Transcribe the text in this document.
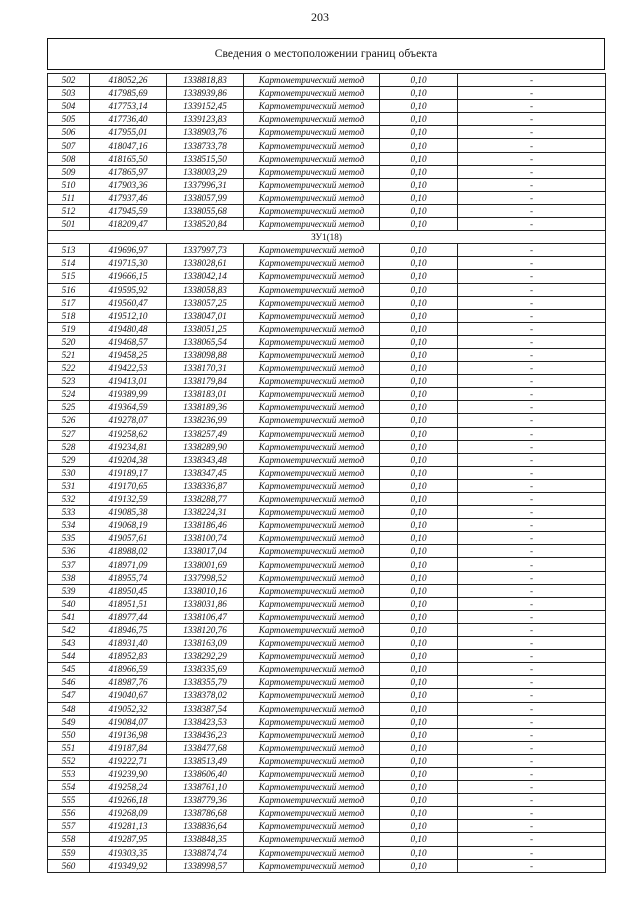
203
Сведения о местоположении границ объекта
502	418052,26	1338818,83	Картометрический метод	0,10	-
503	417985,69	1338939,86	Картометрический метод	0,10	-
504	417753,14	1339152,45	Картометрический метод	0,10	-
505	417736,40	1339123,83	Картометрический метод	0,10	-
506	417955,01	1338903,76	Картометрический метод	0,10	-
507	418047,16	1338733,78	Картометрический метод	0,10	-
508	418165,50	1338515,50	Картометрический метод	0,10	-
509	417865,97	1338003,29	Картометрический метод	0,10	-
510	417903,36	1337996,31	Картометрический метод	0,10	-
511	417937,46	1338057,99	Картометрический метод	0,10	-
512	417945,59	1338055,68	Картометрический метод	0,10	-
501	418209,47	1338520,84	Картометрический метод	0,10	-
ЗУ1(18)					
513	419696,97	1337997,73	Картометрический метод	0,10	-
514	419715,30	1338028,61	Картометрический метод	0,10	-
515	419666,15	1338042,14	Картометрический метод	0,10	-
516	419595,92	1338058,83	Картометрический метод	0,10	-
517	419560,47	1338057,25	Картометрический метод	0,10	-
518	419512,10	1338047,01	Картометрический метод	0,10	-
519	419480,48	1338051,25	Картометрический метод	0,10	-
520	419468,57	1338065,54	Картометрический метод	0,10	-
521	419458,25	1338098,88	Картометрический метод	0,10	-
522	419422,53	1338170,31	Картометрический метод	0,10	-
523	419413,01	1338179,84	Картометрический метод	0,10	-
524	419389,99	1338183,01	Картометрический метод	0,10	-
525	419364,59	1338189,36	Картометрический метод	0,10	-
526	419278,07	1338236,99	Картометрический метод	0,10	-
527	419258,62	1338257,49	Картометрический метод	0,10	-
528	419234,81	1338289,90	Картометрический метод	0,10	-
529	419204,38	1338343,48	Картометрический метод	0,10	-
530	419189,17	1338347,45	Картометрический метод	0,10	-
531	419170,65	1338336,87	Картометрический метод	0,10	-
532	419132,59	1338288,77	Картометрический метод	0,10	-
533	419085,38	1338224,31	Картометрический метод	0,10	-
534	419068,19	1338186,46	Картометрический метод	0,10	-
535	419057,61	1338100,74	Картометрический метод	0,10	-
536	418988,02	1338017,04	Картометрический метод	0,10	-
537	418971,09	1338001,69	Картометрический метод	0,10	-
538	418955,74	1337998,52	Картометрический метод	0,10	-
539	418950,45	1338010,16	Картометрический метод	0,10	-
540	418951,51	1338031,86	Картометрический метод	0,10	-
541	418977,44	1338106,47	Картометрический метод	0,10	-
542	418946,75	1338120,76	Картометрический метод	0,10	-
543	418931,40	1338163,09	Картометрический метод	0,10	-
544	418952,83	1338292,29	Картометрический метод	0,10	-
545	418966,59	1338335,69	Картометрический метод	0,10	-
546	418987,76	1338355,79	Картометрический метод	0,10	-
547	419040,67	1338378,02	Картометрический метод	0,10	-
548	419052,32	1338387,54	Картометрический метод	0,10	-
549	419084,07	1338423,53	Картометрический метод	0,10	-
550	419136,98	1338436,23	Картометрический метод	0,10	-
551	419187,84	1338477,68	Картометрический метод	0,10	-
552	419222,71	1338513,49	Картометрический метод	0,10	-
553	419239,90	1338606,40	Картометрический метод	0,10	-
554	419258,24	1338761,10	Картометрический метод	0,10	-
555	419266,18	1338779,36	Картометрический метод	0,10	-
556	419268,09	1338786,68	Картометрический метод	0,10	-
557	419281,13	1338836,64	Картометрический метод	0,10	-
558	419287,95	1338848,35	Картометрический метод	0,10	-
559	419303,35	1338874,74	Картометрический метод	0,10	-
560	419349,92	1338998,57	Картометрический метод	0,10	-
